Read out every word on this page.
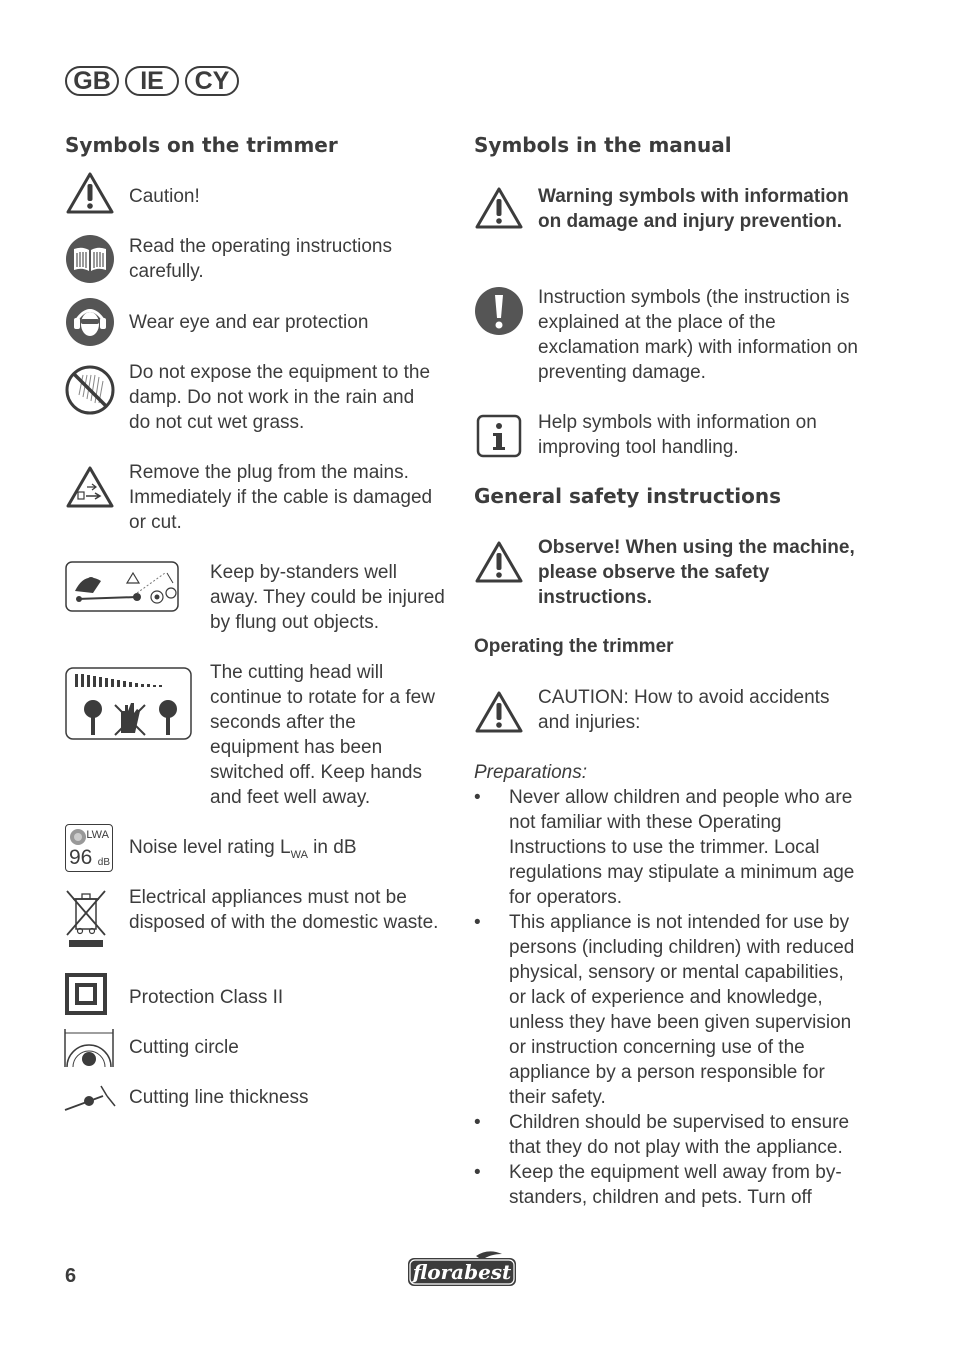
GB	IE	CY
Symbols on the trimmer
Caution!
Read the operating instructions carefully.
Wear eye and ear protection
Do not expose the equipment to the damp. Do not work in the rain and do not cut wet grass.
Remove the plug from the mains. Immediately if the cable is damaged or cut.
Keep by-standers well away. They could be injured by flung out objects.
The cutting head will continue to rotate for a few seconds after the equipment has been switched off. Keep hands and feet well away.
LWA
96 dB
Noise level rating $L_{WA}$ in dB
Electrical appliances must not be disposed of with the domestic waste.
Protection Class II
Cutting circle
Cutting line thickness
Symbols in the manual
Warning symbols with information on damage and injury prevention.
Instruction symbols (the instruction is explained at the place of the exclamation mark) with information on preventing damage.
Help symbols with information on improving tool handling.
General safety instructions
Observe! When using the machine, please observe the safety instructions.
Operating the trimmer
CAUTION: How to avoid accidents and injuries:
Preparations:
• Never allow children and people who are not familiar with these Operating Instructions to use the trimmer. Local regulations may stipulate a minimum age for operators.
• This appliance is not intended for use by persons (including children) with reduced physical, sensory or mental capabilities, or lack of experience and knowledge, unless they have been given supervision or instruction concerning use of the appliance by a person responsible for their safety.
• Children should be supervised to ensure that they do not play with the appliance.
• Keep the equipment well away from by-standers, children and pets. Turn off
6	florabest
